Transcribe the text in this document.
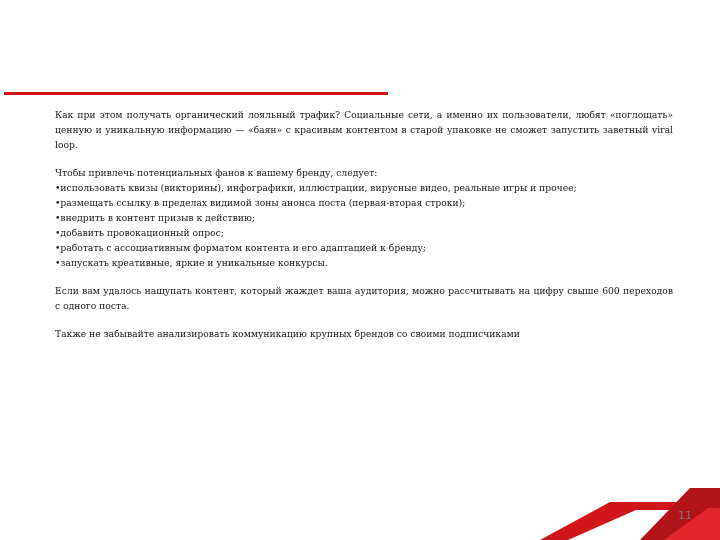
Как при этом получать органический лояльный трафик? Социальные сети, а именно их пользователи, любят «поглощать» ценную и уникальную информацию — «баян» с красивым контентом в старой упаковке не сможет запустить заветный viral loop.

Чтобы привлечь потенциальных фанов к вашему бренду, следует:

•использовать квизы (викторины), инфографики, иллюстрации, вирусные видео, реальные игры и прочее;
•размещать ссылку в пределах видимой зоны анонса поста (первая-вторая строки);
•внедрить в контент призыв к действию;
•добавить провокационный опрос;
•работать с ассоциативным форматом контента и его адаптацией к бренду;
•запускать креативные, яркие и уникальные конкурсы.

Если вам удалось нащупать контент, который жаждет ваша аудитория, можно рассчитывать на цифру свыше 600 переходов с одного поста.

Также не забывайте анализировать коммуникацию крупных брендов со своими подписчиками

11
